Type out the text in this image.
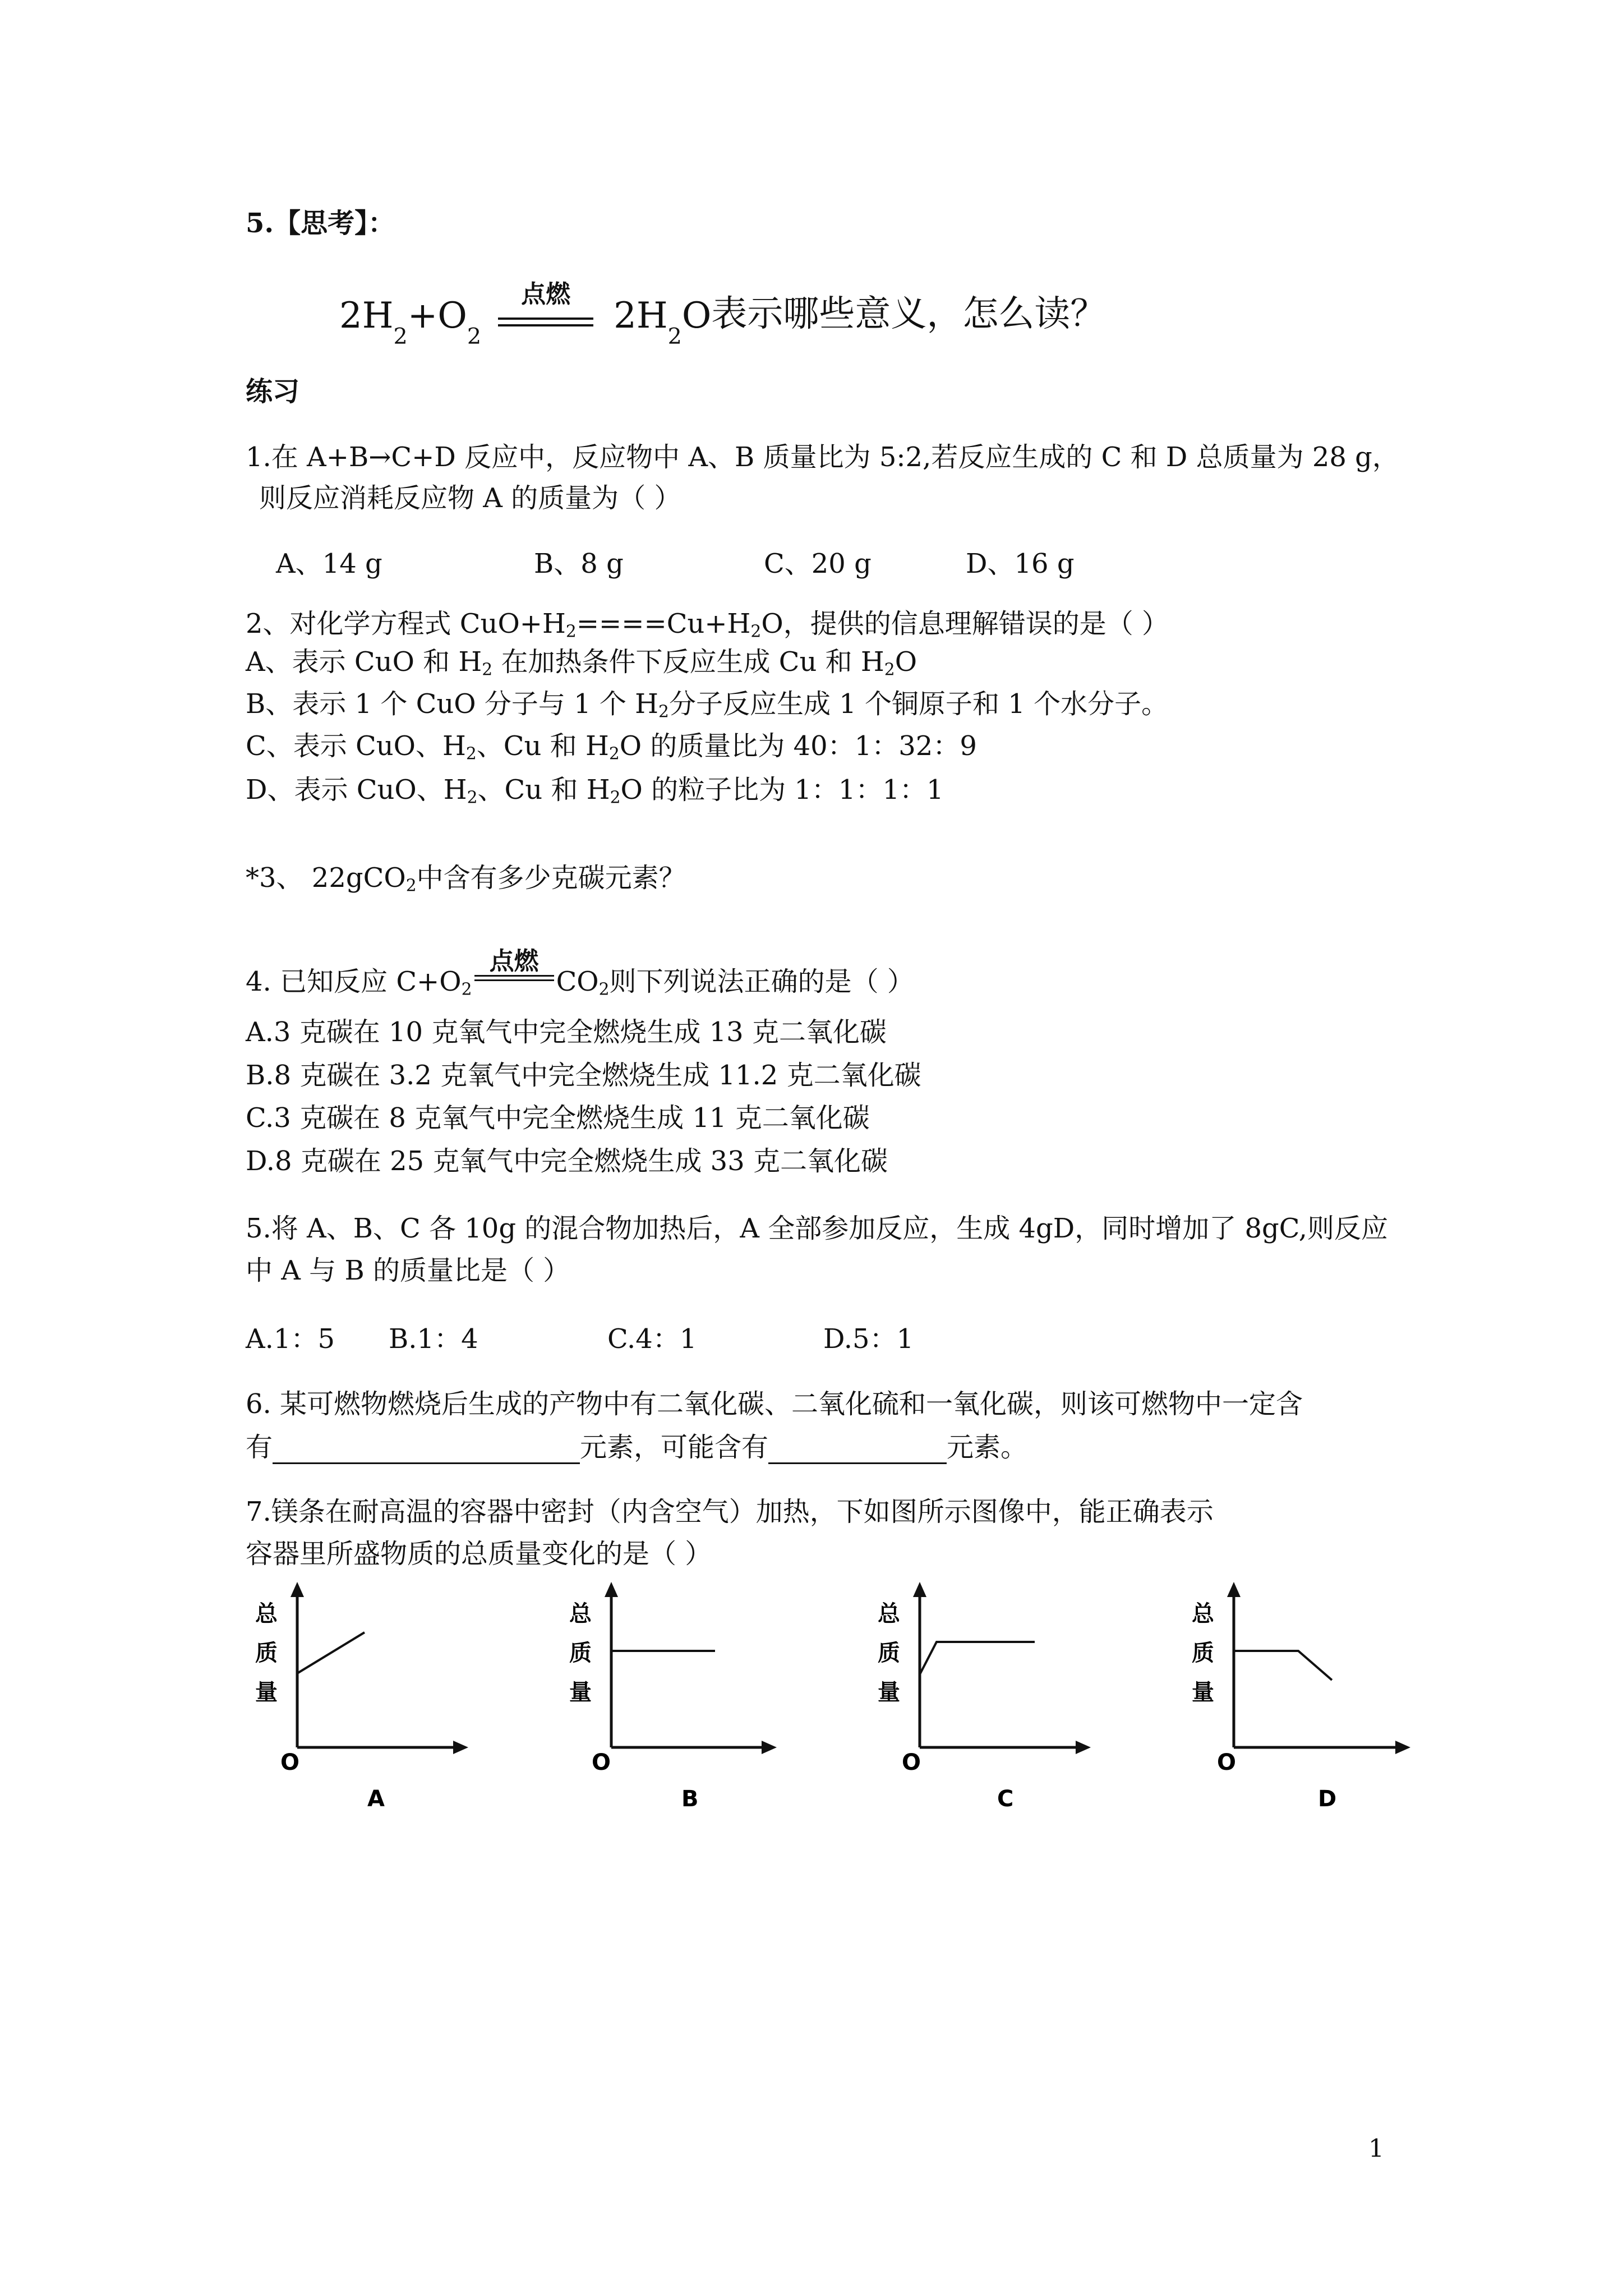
5.【思考】：
2H 2 +O 2
点燃
2H 2 O 表示哪些意义，怎么读？
练习
1.在 A+B→C+D 反应中，反应物中 A、B 质量比为 5:2,若反应生成的 C 和 D 总质量为 28 g，
则反应消耗反应物 A 的质量为（ ）
A、14 g	B、8 g	C、20 g	D、16 g
2、对化学方程式 $CuO+H_2====Cu+H_2O$，提供的信息理解错误的是（ ）
A、表示 CuO 和 $H_2$ 在加热条件下反应生成 Cu 和 $H_2O$
B、表示 1 个 CuO 分子与 1 个 $H_2$分子反应生成 1 个铜原子和 1 个水分子。
C、表示 CuO、$H_2$、Cu 和 $H_2O$ 的质量比为 40：1：32：9
D、表示 CuO、$H_2$、Cu 和 $H_2O$ 的粒子比为 1：1：1：1
*3、 22gCO$_2$中含有多少克碳元素？
4. 已知反应 $C+O_2$
点燃
$CO_2$则下列说法正确的是（ ）
A.3 克碳在 10 克氧气中完全燃烧生成 13 克二氧化碳
B.8 克碳在 3.2 克氧气中完全燃烧生成 11.2 克二氧化碳
C.3 克碳在 8 克氧气中完全燃烧生成 11 克二氧化碳
D.8 克碳在 25 克氧气中完全燃烧生成 33 克二氧化碳
5.将 A、B、C 各 10g 的混合物加热后，A 全部参加反应，生成 4gD，同时增加了 8gC,则反应
中 A 与 B 的质量比是（ ）
A.1：5 B.1：4	C.4：1	D.5：1
6. 某可燃物燃烧后生成的产物中有二氧化碳、二氧化硫和一氧化碳，则该可燃物中一定含
有	元素，可能含有	元素。
7.镁条在耐高温的容器中密封（内含空气）加热，下如图所示图像中，能正确表示
容器里所盛物质的总质量变化的是（ ）
总
质
量
O
A
总
质
量
O
B
总
质
量
O
C
总
质
量
O
D
1
